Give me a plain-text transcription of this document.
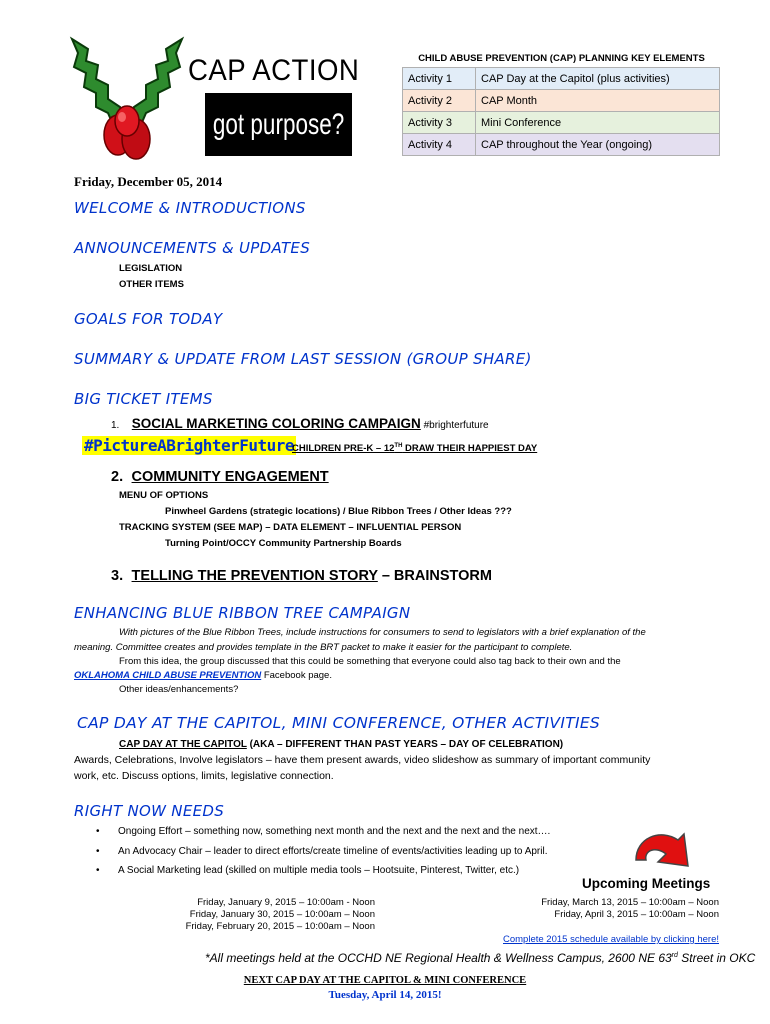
CAP ACTION
got purpose?
CHILD ABUSE PREVENTION (CAP) PLANNING KEY ELEMENTS
Activity 1	CAP Day at the Capitol (plus activities)
Activity 2	CAP Month
Activity 3	Mini Conference
Activity 4	CAP throughout the Year (ongoing)
Friday, December 05, 2014
WELCOME & INTRODUCTIONS
ANNOUNCEMENTS & UPDATES
LEGISLATION
OTHER ITEMS
GOALS FOR TODAY
SUMMARY & UPDATE FROM LAST SESSION (GROUP SHARE)
BIG TICKET ITEMS
1. SOCIAL MARKETING COLORING CAMPAIGN #brighterfuture
#PictureABrighterFuture
CHILDREN PRE-K – 12TH DRAW THEIR HAPPIEST DAY
2. COMMUNITY ENGAGEMENT
MENU OF OPTIONS
Pinwheel Gardens (strategic locations) / Blue Ribbon Trees / Other Ideas ???
TRACKING SYSTEM (SEE MAP) – DATA ELEMENT – INFLUENTIAL PERSON
Turning Point/OCCY Community Partnership Boards
3. TELLING THE PREVENTION STORY – BRAINSTORM
ENHANCING BLUE RIBBON TREE CAMPAIGN
With pictures of the Blue Ribbon Trees, include instructions for consumers to send to legislators with a brief explanation of the
meaning. Committee creates and provides template in the BRT packet to make it easier for the participant to complete.
From this idea, the group discussed that this could be something that everyone could also tag back to their own and the
OKLAHOMA CHILD ABUSE PREVENTION Facebook page.
Other ideas/enhancements?
CAP DAY AT THE CAPITOL, MINI CONFERENCE, OTHER ACTIVITIES
CAP DAY AT THE CAPITOL (AKA – DIFFERENT THAN PAST YEARS – DAY OF CELEBRATION)
Awards, Celebrations, Involve legislators – have them present awards, video slideshow as summary of important community
work, etc. Discuss options, limits, legislative connection.
RIGHT NOW NEEDS
• Ongoing Effort – something now, something next month and the next and the next and the next….
• An Advocacy Chair – leader to direct efforts/create timeline of events/activities leading up to April.
• A Social Marketing lead (skilled on multiple media tools – Hootsuite, Pinterest, Twitter, etc.)
Upcoming Meetings
Friday, January 9, 2015 – 10:00am - Noon
Friday, January 30, 2015 – 10:00am – Noon
Friday, February 20, 2015 – 10:00am – Noon
Friday, March 13, 2015 – 10:00am – Noon
Friday, April 3, 2015 – 10:00am – Noon
Complete 2015 schedule available by clicking here!
*All meetings held at the OCCHD NE Regional Health & Wellness Campus, 2600 NE 63rd Street in OKC
NEXT CAP DAY AT THE CAPITOL & MINI CONFERENCE
Tuesday, April 14, 2015!
